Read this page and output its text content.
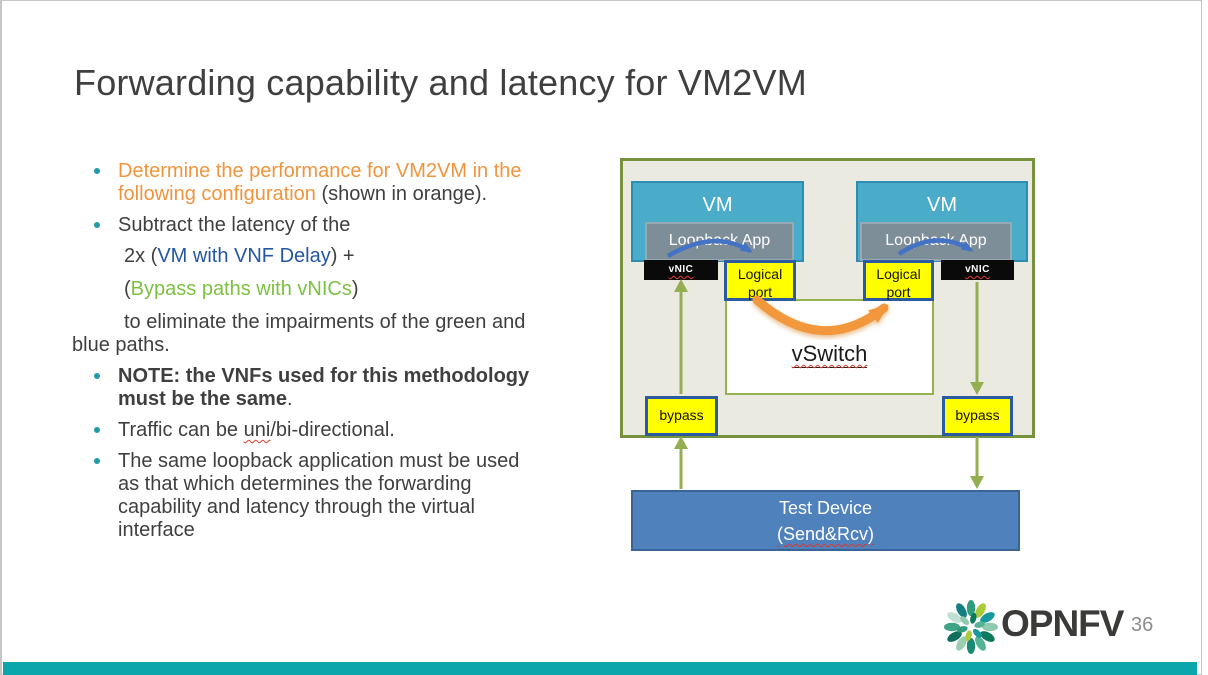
Forwarding capability and latency for VM2VM
Determine the performance for VM2VM in the
following configuration (shown in orange).
Subtract the latency of the
2x (VM with VNF Delay) +
(Bypass paths with vNICs)
to eliminate the impairments of the green and
blue paths.
NOTE: the VNFs used for this methodology
must be the same.
Traffic can be uni/bi-directional.
The same loopback application must be used
as that which determines the forwarding
capability and latency through the virtual
interface
vSwitch
VM	VM
Loopback App	Loopback App
vNIC	vNIC
Logical
port
Logical
port
bypass	bypass
Test Device
(Send&Rcv)
OPNFV 36
